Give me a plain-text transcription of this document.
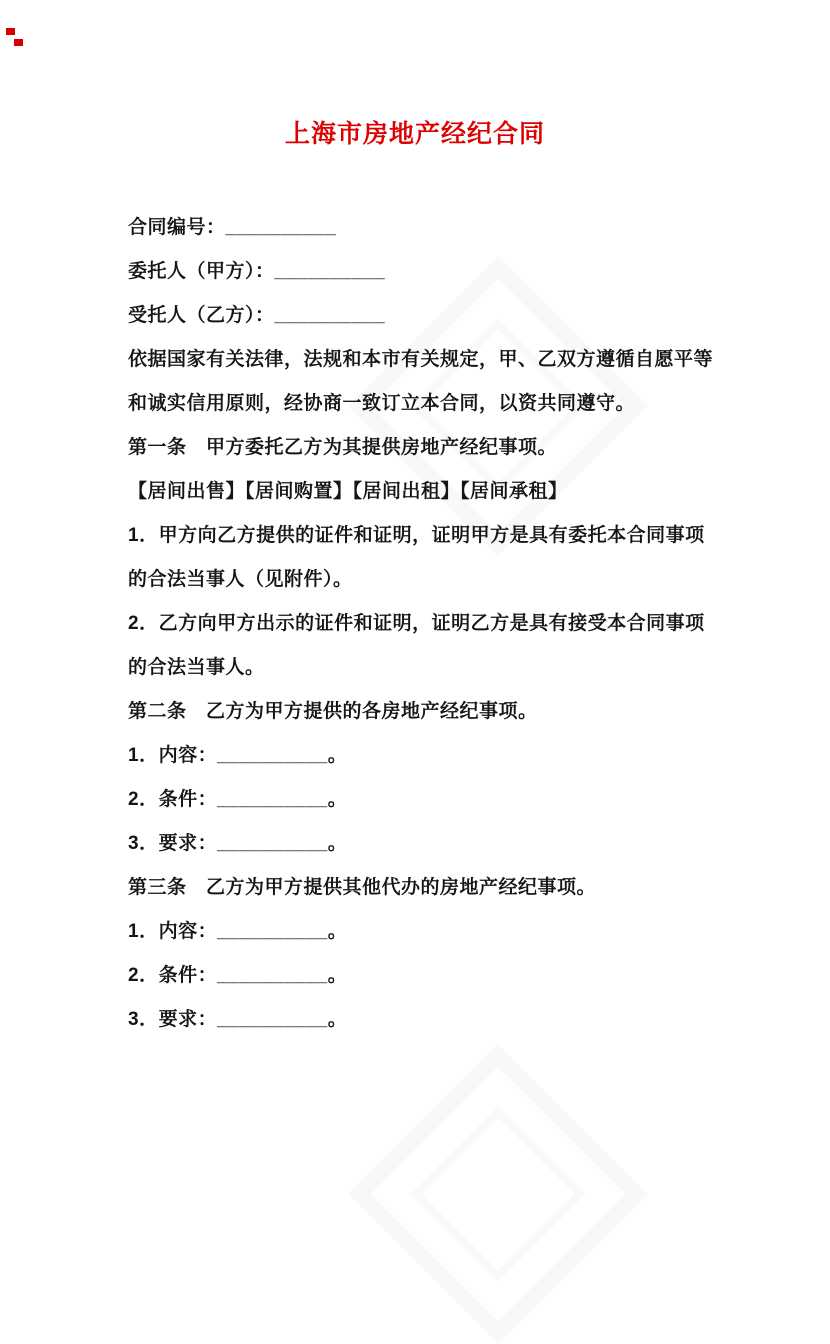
上海市房地产经纪合同

合同编号：__________

委托人（甲方）：__________

受托人（乙方）：__________

依据国家有关法律，法规和本市有关规定，甲、乙双方遵循自愿平等

和诚实信用原则，经协商一致订立本合同，以资共同遵守。

第一条　甲方委托乙方为其提供房地产经纪事项。

【居间出售】【居间购置】【居间出租】【居间承租】

1．甲方向乙方提供的证件和证明，证明甲方是具有委托本合同事项

的合法当事人（见附件）。

2．乙方向甲方出示的证件和证明，证明乙方是具有接受本合同事项

的合法当事人。

第二条　乙方为甲方提供的各房地产经纪事项。

1．内容：__________。

2．条件：__________。

3．要求：__________。

第三条　乙方为甲方提供其他代办的房地产经纪事项。

1．内容：__________。

2．条件：__________。

3．要求：__________。
